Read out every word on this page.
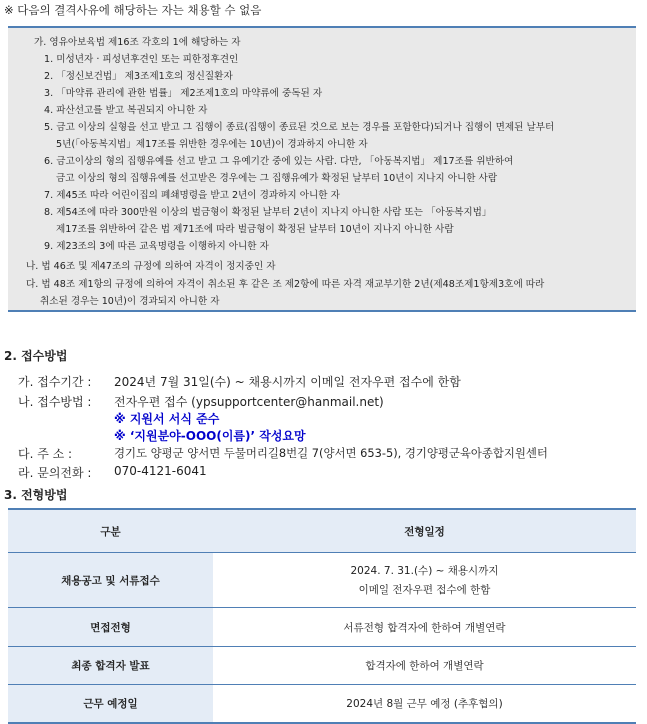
※ 다음의 결격사유에 해당하는 자는 채용할 수 없음
가. 영유아보육법 제16조 각호의 1에 해당하는 자
1. 미성년자 · 피성년후견인 또는 피한정후견인
2. 「정신보건법」 제3조제1호의 정신질환자
3. 「마약류 관리에 관한 법률」 제2조제1호의 마약류에 중독된 자
4. 파산선고를 받고 복권되지 아니한 자
5. 금고 이상의 실형을 선고 받고 그 집행이 종료(집행이 종료된 것으로 보는 경우를 포함한다)되거나 집행이 면제된 날부터
5년(「아동복지법」제17조를 위반한 경우에는 10년)이 경과하지 아니한 자
6. 금고이상의 형의 집행유예를 선고 받고 그 유예기간 중에 있는 사람. 다만, 「아동복지법」 제17조를 위반하여
금고 이상의 형의 집행유예를 선고받은 경우에는 그 집행유예가 확정된 날부터 10년이 지나지 아니한 사람
7. 제45조 따라 어린이집의 폐쇄명령을 받고 2년이 경과하지 아니한 자
8. 제54조에 따라 300만원 이상의 벌금형이 확정된 날부터 2년이 지나지 아니한 사람 또는 「아동복지법」
제17조를 위반하여 같은 법 제71조에 따라 벌금형이 확정된 날부터 10년이 지나지 아니한 사람
9. 제23조의 3에 따른 교육명령을 이행하지 아니한 자
나. 법 46조 및 제47조의 규정에 의하여 자격이 정지중인 자
다. 법 48조 제1항의 규정에 의하여 자격이 취소된 후 같은 조 제2항에 따른 자격 재교부기한 2년(제48조제1항제3호에 따라
취소된 경우는 10년)이 경과되지 아니한 자
2. 접수방법
가. 접수기간 : 2024년 7월 31일(수) ~ 채용시까지 이메일 전자우편 접수에 한함
나. 접수방법 : 전자우편 접수 (ypsupportcenter@hanmail.net)
※ 지원서 서식 준수
※ ‘지원분야-OOO(이름)’ 작성요망
다. 주 소 :	경기도 양평군 양서면 두물머리길8번길 7(양서면 653-5), 경기양평군육아종합지원센터
라. 문의전화 : 070-4121-6041
3. 전형방법
구분	전형일정
채용공고 및 서류접수	2024. 7. 31.(수) ~ 채용시까지
이메일 전자우편 접수에 한함

면접전형	서류전형 합격자에 한하여 개별연락
최종 합격자 발표	합격자에 한하여 개별연락
근무 예정일	2024년 8월 근무 예정 (추후협의)
